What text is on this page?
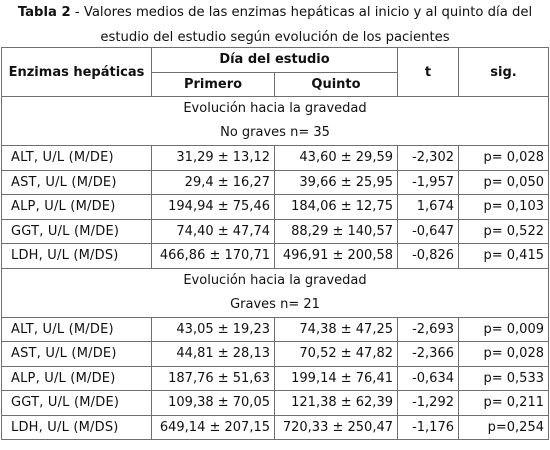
Tabla 2 - Valores medios de las enzimas hepáticas al inicio y al quinto día del
estudio del estudio según evolución de los pacientes
Enzimas hepáticas	Día del estudio		t	sig.
	Primero	Quinto		

Evolución hacia la gravedad
No graves n= 35				

ALT, U/L (M/DE)	31,29 ± 13,12	43,60 ± 29,59	-2,302	p= 0,028
AST, U/L (M/DE)	29,4 ± 16,27	39,66 ± 25,95	-1,957	p= 0,050
ALP, U/L (M/DE)	194,94 ± 75,46	184,06 ± 12,75	1,674	p= 0,103
GGT, U/L (M/DE)	74,40 ± 47,74	88,29 ± 140,57	-0,647	p= 0,522
LDH, U/L (M/DS)	466,86 ± 170,71	496,91 ± 200,58	-0,826	p= 0,415

Evolución hacia la gravedad
Graves n= 21				

ALT, U/L (M/DE)	43,05 ± 19,23	74,38 ± 47,25	-2,693	p= 0,009
AST, U/L (M/DE)	44,81 ± 28,13	70,52 ± 47,82	-2,366	p= 0,028
ALP, U/L (M/DE)	187,76 ± 51,63	199,14 ± 76,41	-0,634	p= 0,533
GGT, U/L (M/DE)	109,38 ± 70,05	121,38 ± 62,39	-1,292	p= 0,211
LDH, U/L (M/DS)	649,14 ± 207,15	720,33 ± 250,47	-1,176	p=0,254
